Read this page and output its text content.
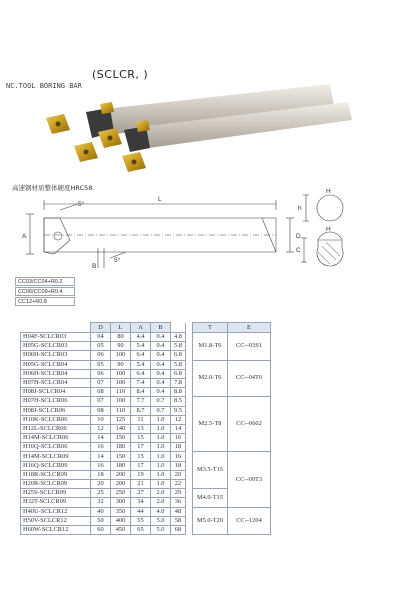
(SCLCR, )
NC.TOOL BORING BAR
高速钢材质整体硬度HRC58.
L
A	D
B
5°
5°
H
h
H
C
CC03/CC04+R0.2
CC06/CC09+R0.4
CC12+R0.8
	D	L	A	B			T	E
H04F-SCLCR03	04	80	4.4	0.4	4.8		M1.8-T6	CC--03S1
H05G-SCLCR03	05	90	5.4	0.4	5.8			
H06H-SCLCR03	06	100	6.4	0.4	6.8			
H05G-SCLCR04	05	90	5.4	0.4	5.8		M2.0-T6	CC--04T0
H06H-SCLCR04	06	100	6.4	0.4	6.8			
H07H-SCLCR04	07	100	7.4	0.4	7.8			
H08J-SCLCR04	08	110	8.4	0.4	8.8			
H07H-SCLCR06	07	100	7.7	0.7	8.5		M2.5-T8	CC--0602
H08J-SCLCR06	08	110	8.7	0.7	9.5			
H10K-SCLCR06	10	125	11	1.0	12			
H12L-SCLCR06	12	140	13	1.0	14			
H14M-SCLCR06	14	150	15	1.0	16			
H16Q-SCLCR06	16	180	17	1.0	18			
H14M-SCLCR09	14	150	15	1.0	16		M3.5-T15	CC--09T3
H16Q-SCLCR09	16	180	17	1.0	18			
H18R-SCLCR09	18	200	19	1.0	20			
H20R-SCLCR09	20	200	21	1.0	22			
H25S-SCLCR09	25	250	27	2.0	29		M4.0-T15	
H32T-SCLCR09	32	300	34	2.0	36			
H40U-SCLCR12	40	350	44	4.0	48		M5.0-T20	CC--1204
H50V-SCLCR12	50	400	55	5.0	58			
H60W-SCLCR12	60	450	65	5.0	68			
